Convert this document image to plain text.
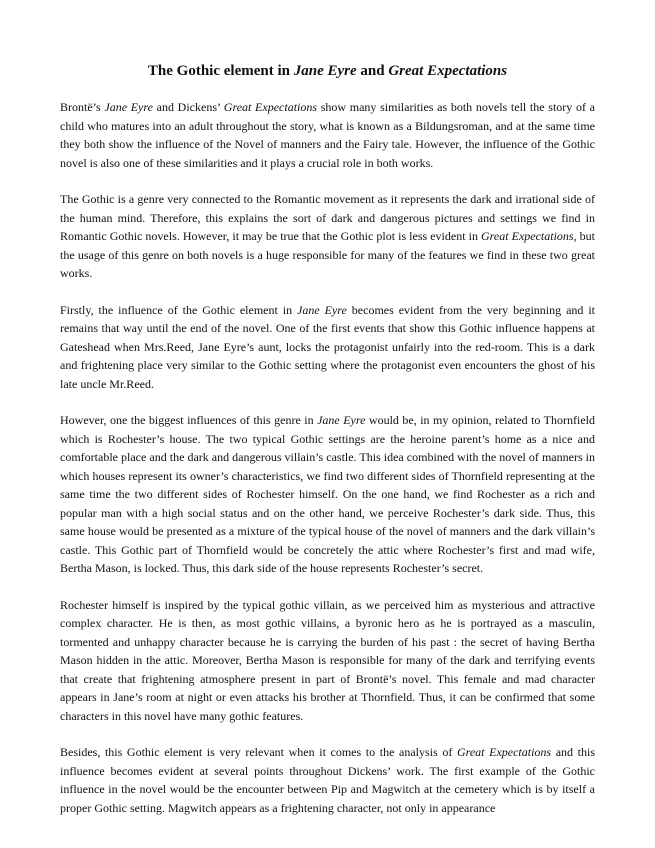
The Gothic element in Jane Eyre and Great Expectations

Brontë’s Jane Eyre and Dickens’ Great Expectations show many similarities as both novels tell the story of a child who matures into an adult throughout the story, what is known as a Bildungsroman, and at the same time they both show the influence of the Novel of manners and the Fairy tale. However, the influence of the Gothic novel is also one of these similarities and it plays a crucial role in both works.

The Gothic is a genre very connected to the Romantic movement as it represents the dark and irrational side of the human mind. Therefore, this explains the sort of dark and dangerous pictures and settings we find in Romantic Gothic novels. However, it may be true that the Gothic plot is less evident in Great Expectations, but the usage of this genre on both novels is a huge responsible for many of the features we find in these two great works.

Firstly, the influence of the Gothic element in Jane Eyre becomes evident from the very beginning and it remains that way until the end of the novel. One of the first events that show this Gothic influence happens at Gateshead when Mrs.Reed, Jane Eyre’s aunt, locks the protagonist unfairly into the red-room. This is a dark and frightening place very similar to the Gothic setting where the protagonist even encounters the ghost of his late uncle Mr.Reed.

However, one the biggest influences of this genre in Jane Eyre would be, in my opinion, related to Thornfield which is Rochester’s house. The two typical Gothic settings are the heroine parent’s home as a nice and comfortable place and the dark and dangerous villain’s castle. This idea combined with the novel of manners in which houses represent its owner’s characteristics, we find two different sides of Thornfield representing at the same time the two different sides of Rochester himself. On the one hand, we find Rochester as a rich and popular man with a high social status and on the other hand, we perceive Rochester’s dark side. Thus, this same house would be presented as a mixture of the typical house of the novel of manners and the dark villain’s castle. This Gothic part of Thornfield would be concretely the attic where Rochester’s first and mad wife, Bertha Mason, is locked. Thus, this dark side of the house represents Rochester’s secret.

Rochester himself is inspired by the typical gothic villain, as we perceived him as mysterious and attractive complex character. He is then, as most gothic villains, a byronic hero as he is portrayed as a masculin, tormented and unhappy character because he is carrying the burden of his past : the secret of having Bertha Mason hidden in the attic. Moreover, Bertha Mason is responsible for many of the dark and terrifying events that create that frightening atmosphere present in part of Brontë’s novel. This female and mad character appears in Jane’s room at night or even attacks his brother at Thornfield. Thus, it can be confirmed that some characters in this novel have many gothic features.

Besides, this Gothic element is very relevant when it comes to the analysis of Great Expectations and this influence becomes evident at several points throughout Dickens’ work. The first example of the Gothic influence in the novel would be the encounter between Pip and Magwitch at the cemetery which is by itself a proper Gothic setting. Magwitch appears as a frightening character, not only in appearance
